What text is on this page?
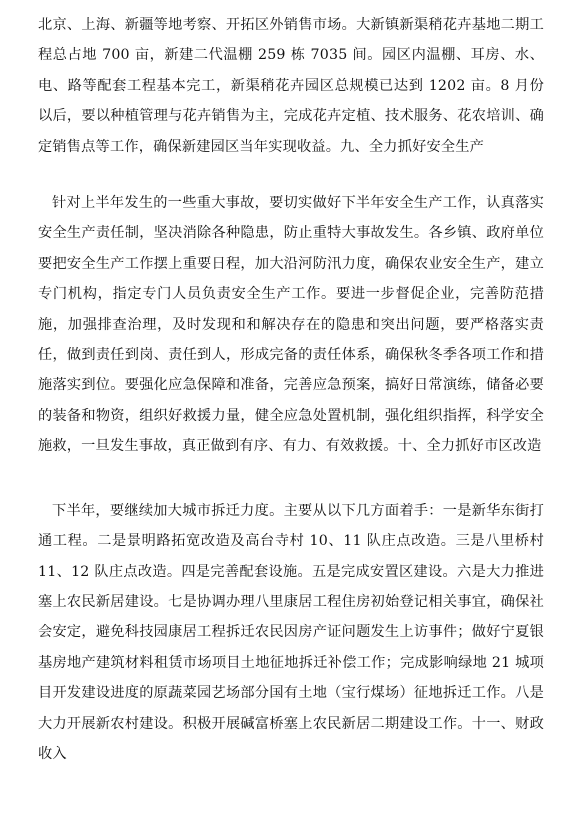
北京、上海、新疆等地考察、开拓区外销售市场。大新镇新渠稍花卉基地二期工程总占地 700 亩，新建二代温棚 259 栋 7035 间。园区内温棚、耳房、水、电、路等配套工程基本完工，新渠稍花卉园区总规模已达到 1202 亩。8 月份以后，要以种植管理与花卉销售为主，完成花卉定植、技术服务、花农培训、确定销售点等工作，确保新建园区当年实现收益。九、全力抓好安全生产

针对上半年发生的一些重大事故，要切实做好下半年安全生产工作，认真落实安全生产责任制，坚决消除各种隐患，防止重特大事故发生。各乡镇、政府单位要把安全生产工作摆上重要日程，加大沿河防汛力度，确保农业安全生产，建立专门机构，指定专门人员负责安全生产工作。要进一步督促企业，完善防范措施，加强排查治理，及时发现和和解决存在的隐患和突出问题，要严格落实责任，做到责任到岗、责任到人，形成完备的责任体系，确保秋冬季各项工作和措施落实到位。要强化应急保障和准备，完善应急预案，搞好日常演练，储备必要的装备和物资，组织好救援力量，健全应急处置机制，强化组织指挥，科学安全施救，一旦发生事故，真正做到有序、有力、有效救援。十、全力抓好市区改造

下半年，要继续加大城市拆迁力度。主要从以下几方面着手：一是新华东街打通工程。二是景明路拓宽改造及高台寺村 10、11 队庄点改造。三是八里桥村 11、12 队庄点改造。四是完善配套设施。五是完成安置区建设。六是大力推进塞上农民新居建设。七是协调办理八里康居工程住房初始登记相关事宜，确保社会安定，避免科技园康居工程拆迁农民因房产证问题发生上访事件；做好宁夏银基房地产建筑材料租赁市场项目土地征地拆迁补偿工作；完成影响绿地 21 城项目开发建设进度的原蔬菜园艺场部分国有土地（宝行煤场）征地拆迁工作。八是大力开展新农村建设。积极开展碱富桥塞上农民新居二期建设工作。十一、财政收入
